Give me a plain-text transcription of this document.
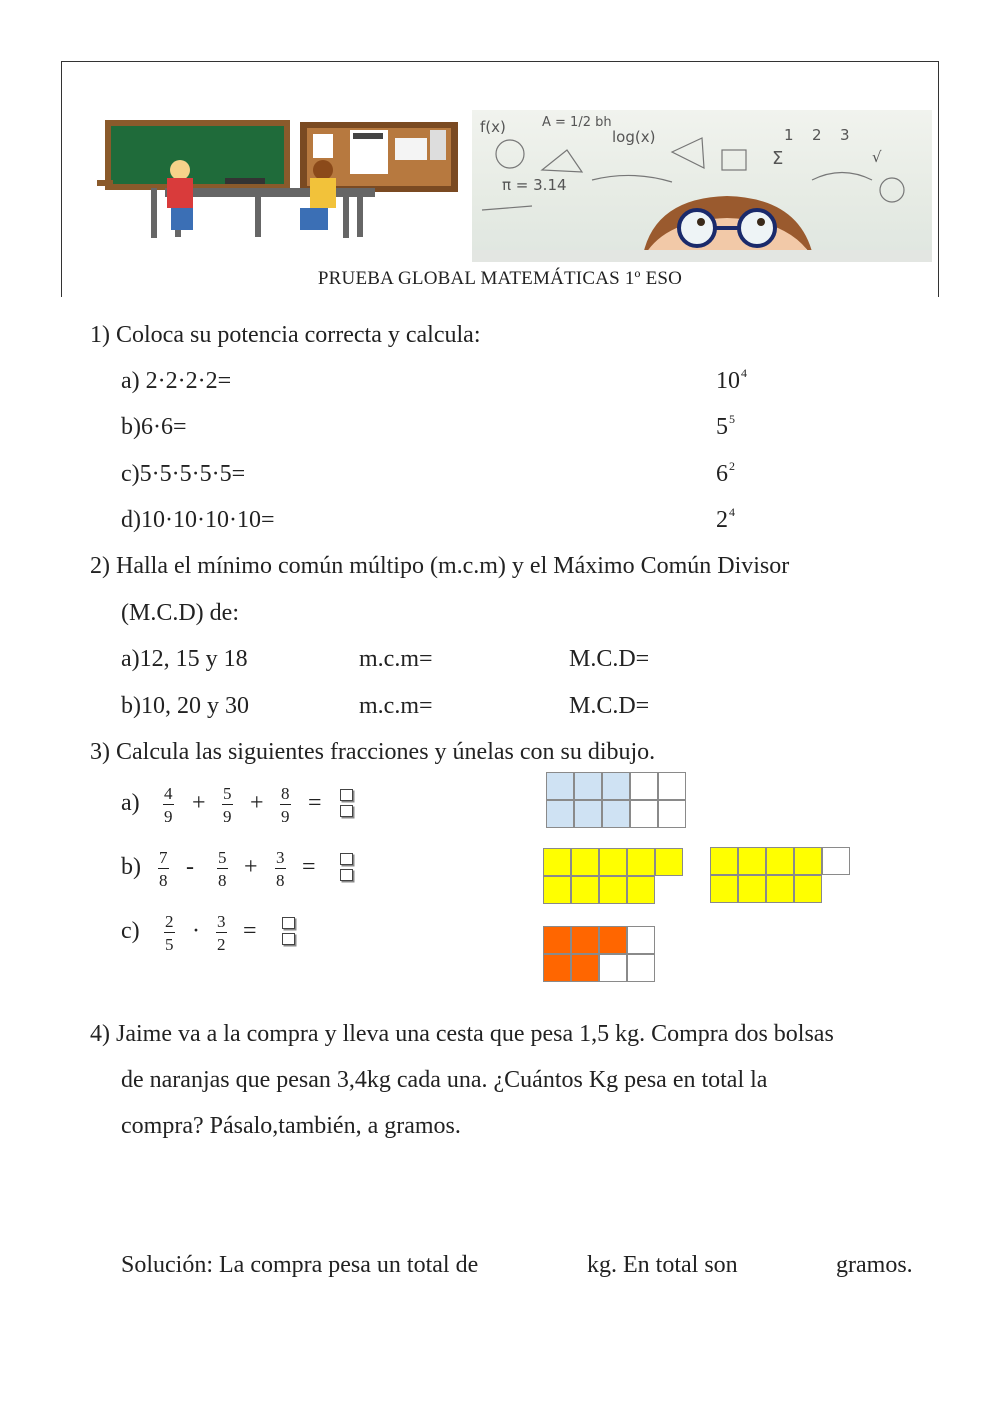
f(x)	A = 1/2 bh
log(x)
π = 3.14
1 2 3
Σ	√
PRUEBA GLOBAL MATEMÁTICAS 1º ESO
1) Coloca su potencia correcta y calcula:
a) 2·2·2·2=	$10^4$
b)6·6=	$5^5$
c)5·5·5·5·5=	$6^2$
d)10·10·10·10=	$2^4$
2) Halla el mínimo común múltipo (m.c.m) y el Máximo Común Divisor
(M.C.D) de:
a)12, 15 y 18	m.c.m=	M.C.D=
b)10, 20 y 30	m.c.m=	M.C.D=
3) Calcula las siguientes fracciones y únelas con su dibujo.
$a) \frac{4}{9} + \frac{5}{9} + \frac{8}{9}$ =
$b) \frac{7}{8} - \frac{5}{8} + \frac{3}{8}$ =
$c) \frac{2}{5} \cdot \frac{3}{2}$ =
4) Jaime va a la compra y lleva una cesta que pesa 1,5 kg. Compra dos bolsas
de naranjas que pesan 3,4kg cada una. ¿Cuántos Kg pesa en total la
compra? Pásalo,también, a gramos.
Solución: La compra pesa un total de	kg. En total son	gramos.
